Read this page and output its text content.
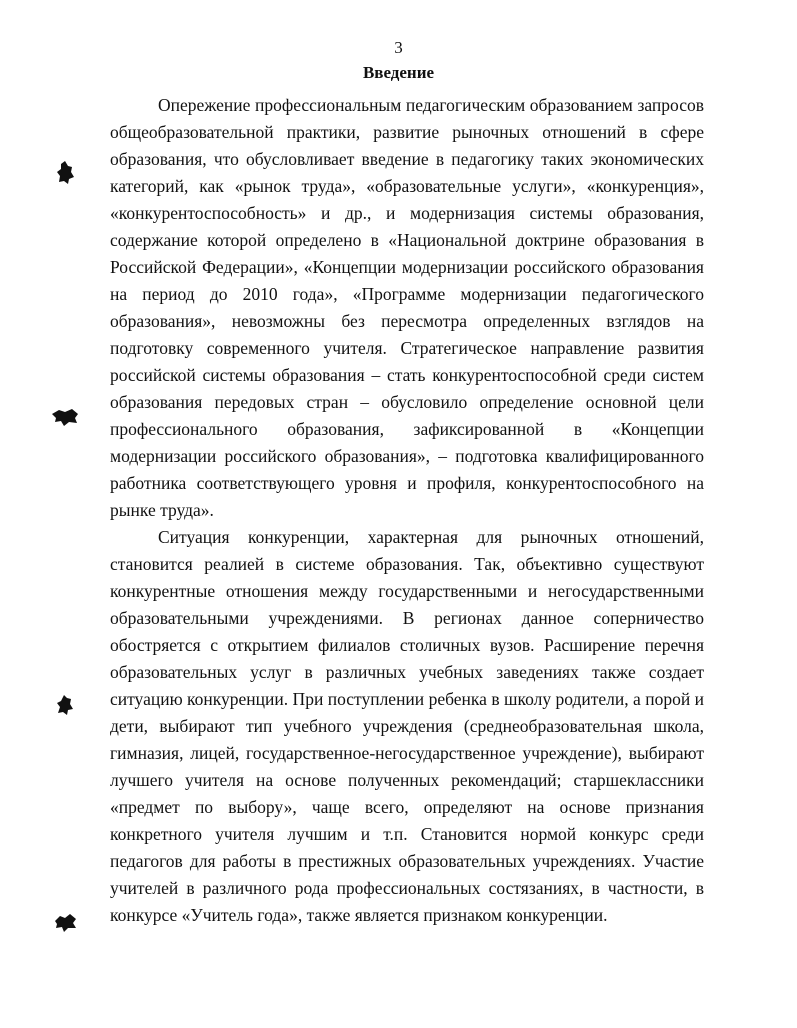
3
Введение

Опережение профессиональным педагогическим образованием запросов общеобразовательной практики, развитие рыночных отношений в сфере образования, что обусловливает введение в педагогику таких экономических категорий, как «рынок труда», «образовательные услуги», «конкуренция», «конкурентоспособность» и др., и модернизация системы образования, содержание которой определено в «Национальной доктрине образования в Российской Федерации», «Концепции модернизации российского образования на период до 2010 года», «Программе модернизации педагогического образования», невозможны без пересмотра определенных взглядов на подготовку современного учителя. Стратегическое направление развития российской системы образования – стать конкурентоспособной среди систем образования передовых стран – обусловило определение основной цели профессионального образования, зафиксированной в «Концепции модернизации российского образования», – подготовка квалифицированного работника соответствующего уровня и профиля, конкурентоспособного на рынке труда».

Ситуация конкуренции, характерная для рыночных отношений, становится реалией в системе образования. Так, объективно существуют конкурентные отношения между государственными и негосударственными образовательными учреждениями. В регионах данное соперничество обостряется с открытием филиалов столичных вузов. Расширение перечня образовательных услуг в различных учебных заведениях также создает ситуацию конкуренции. При поступлении ребенка в школу родители, а порой и дети, выбирают тип учебного учреждения (среднеобразовательная школа, гимназия, лицей, государственное-негосударственное учреждение), выбирают лучшего учителя на основе полученных рекомендаций; старшеклассники «предмет по выбору», чаще всего, определяют на основе признания конкретного учителя лучшим и т.п. Становится нормой конкурс среди педагогов для работы в престижных образовательных учреждениях. Участие учителей в различного рода профессиональных состязаниях, в частности, в конкурсе «Учитель года», также является признаком конкуренции.
